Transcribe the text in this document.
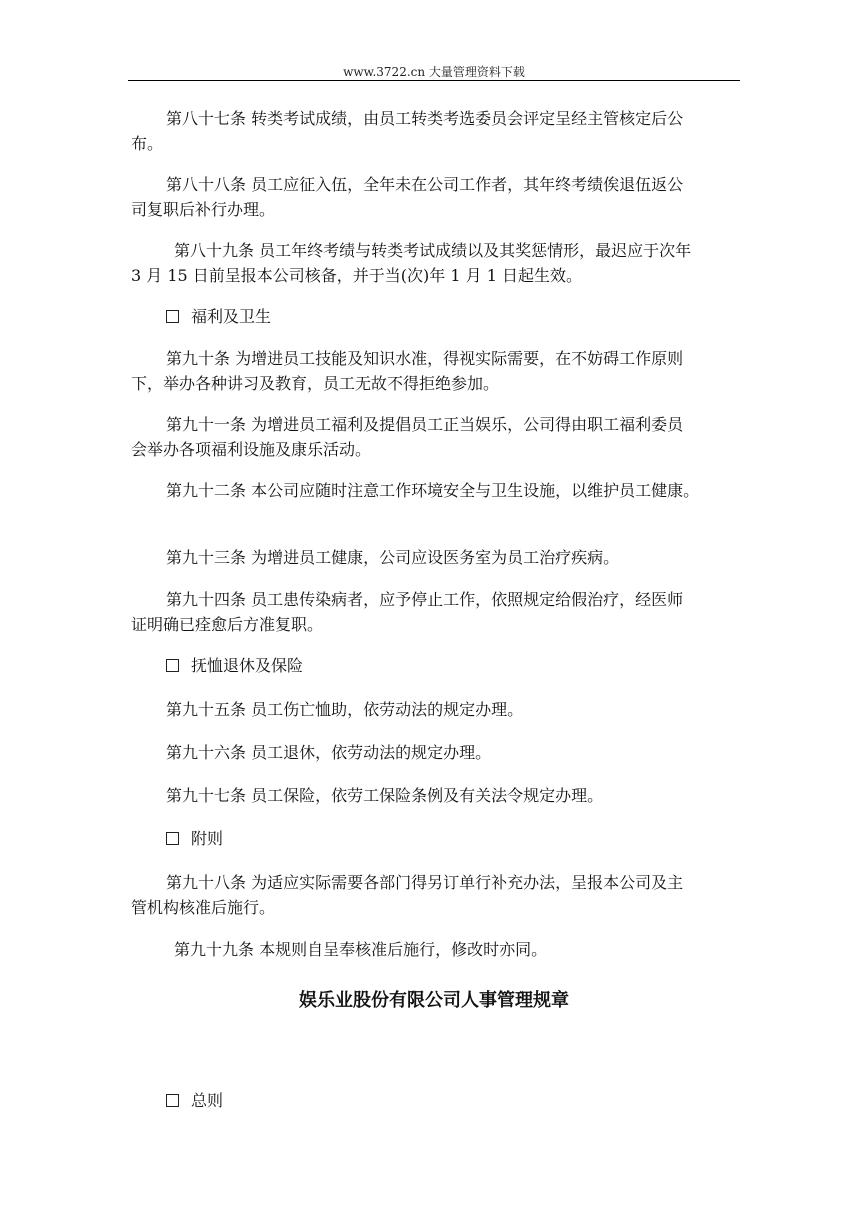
www.3722.cn 大量管理资料下载
第八十七条 转类考试成绩，由员工转类考选委员会评定呈经主管核定后公
布。
第八十八条 员工应征入伍，全年未在公司工作者，其年终考绩俟退伍返公
司复职后补行办理。
第八十九条 员工年终考绩与转类考试成绩以及其奖惩情形，最迟应于次年
3 月 15 日前呈报本公司核备，并于当(次)年 1 月 1 日起生效。
福利及卫生
第九十条 为增进员工技能及知识水准，得视实际需要，在不妨碍工作原则
下，举办各种讲习及教育，员工无故不得拒绝参加。
第九十一条 为增进员工福利及提倡员工正当娱乐，公司得由职工福利委员
会举办各项福利设施及康乐活动。
第九十二条 本公司应随时注意工作环境安全与卫生设施，以维护员工健康。
第九十三条 为增进员工健康，公司应设医务室为员工治疗疾病。
第九十四条 员工患传染病者，应予停止工作，依照规定给假治疗，经医师
证明确已痊愈后方准复职。
抚恤退休及保险
第九十五条 员工伤亡恤助，依劳动法的规定办理。
第九十六条 员工退休，依劳动法的规定办理。
第九十七条 员工保险，依劳工保险条例及有关法令规定办理。
附则
第九十八条 为适应实际需要各部门得另订单行补充办法，呈报本公司及主
管机构核准后施行。
第九十九条 本规则自呈奉核准后施行，修改时亦同。
娱乐业股份有限公司人事管理规章
总则
